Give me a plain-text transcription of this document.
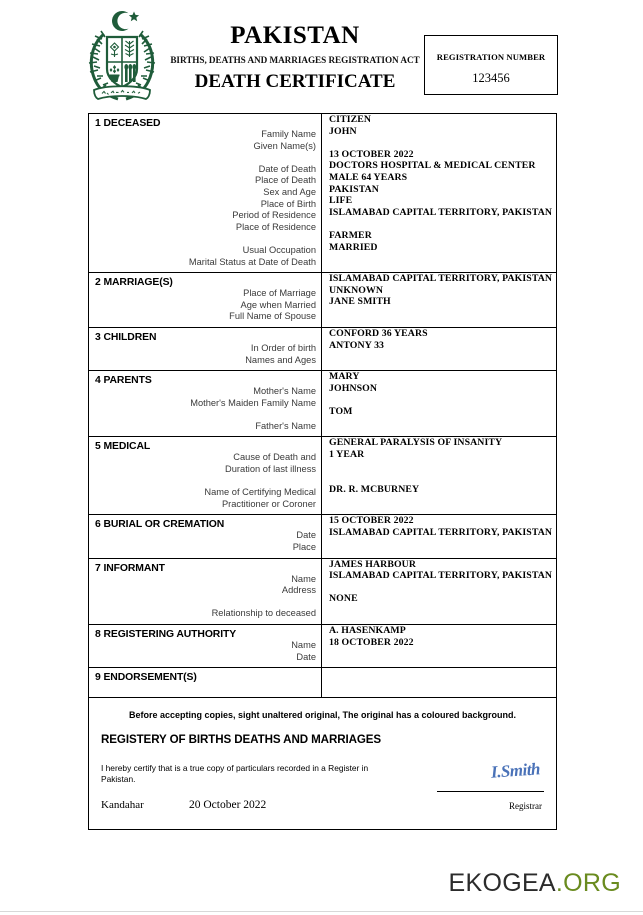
PAKISTAN
BIRTHS, DEATHS AND MARRIAGES REGISTRATION ACT
DEATH CERTIFICATE
REGISTRATION NUMBER
123456
1 DECEASED
Family Name
Given Name(s)
Date of Death
Place of Death
Sex and Age
Place of Birth
Period of Residence
Place of Residence
Usual Occupation
Marital Status at Date of Death
CITIZEN
JOHN
13 OCTOBER 2022
DOCTORS HOSPITAL & MEDICAL CENTER
MALE 64 YEARS
PAKISTAN
LIFE
ISLAMABAD CAPITAL TERRITORY, PAKISTAN
FARMER
MARRIED
2 MARRIAGE(S)
Place of Marriage
Age when Married
Full Name of Spouse
ISLAMABAD CAPITAL TERRITORY, PAKISTAN
UNKNOWN
JANE SMITH
3 CHILDREN
In Order of birth
Names and Ages
CONFORD 36 YEARS
ANTONY 33
4 PARENTS
Mother's Name
Mother's Maiden Family Name
Father's Name
MARY
JOHNSON
TOM
5 MEDICAL
Cause of Death and
Duration of last illness
Name of Certifying Medical
Practitioner or Coroner
GENERAL PARALYSIS OF INSANITY
1 YEAR

DR. R. MCBURNEY
6 BURIAL OR CREMATION
Date
Place
15 OCTOBER 2022
ISLAMABAD CAPITAL TERRITORY, PAKISTAN
7 INFORMANT
Name
Address
Relationship to deceased
JAMES HARBOUR
ISLAMABAD CAPITAL TERRITORY, PAKISTAN
NONE
8 REGISTERING AUTHORITY
Name
Date
A. HASENKAMP
18 OCTOBER 2022
9 ENDORSEMENT(S)
Before accepting copies, sight unaltered original, The original has a coloured background.
REGISTERY OF BIRTHS DEATHS AND MARRIAGES
I hereby certify that is a true copy of particulars recorded in a Register in Pakistan.
Kandahar	20 October 2022
I.Smith
Registrar
EKOGEA.ORG
